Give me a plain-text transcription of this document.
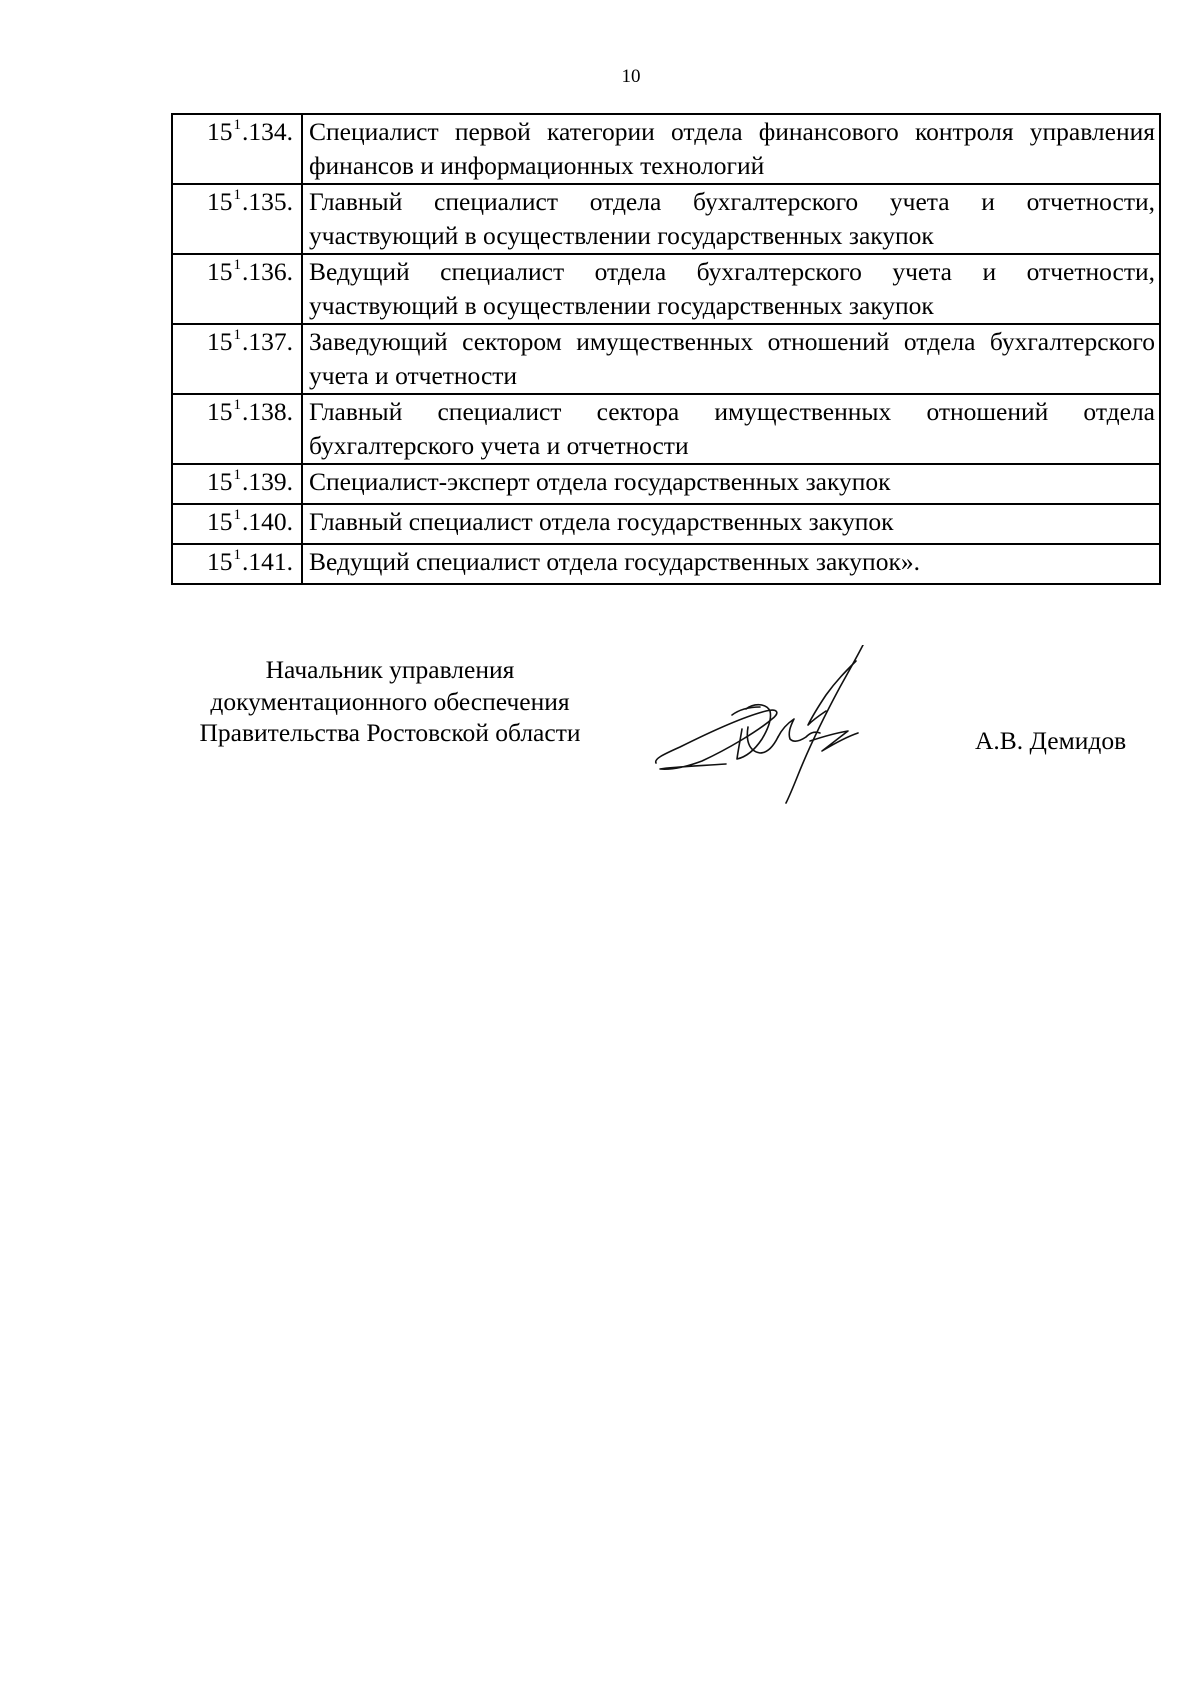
10
$15^1.134$.	Специалист первой категории отдела финансового контроля управления финансов и информационных технологий
$15^1.135$.	Главный специалист отдела бухгалтерского учета и отчетности, участвующий в осуществлении государственных закупок
$15^1.136$.	Ведущий специалист отдела бухгалтерского учета и отчетности, участвующий в осуществлении государственных закупок
$15^1.137$.	Заведующий сектором имущественных отношений отдела бухгалтерского учета и отчетности
$15^1.138$.	Главный специалист сектора имущественных отношений отдела бухгалтерского учета и отчетности
$15^1.139$.	Специалист-эксперт отдела государственных закупок
$15^1.140$.	Главный специалист отдела государственных закупок
$15^1.141$.	Ведущий специалист отдела государственных закупок».
Начальник управления
документационного обеспечения
Правительства Ростовской области	А.В. Демидов
